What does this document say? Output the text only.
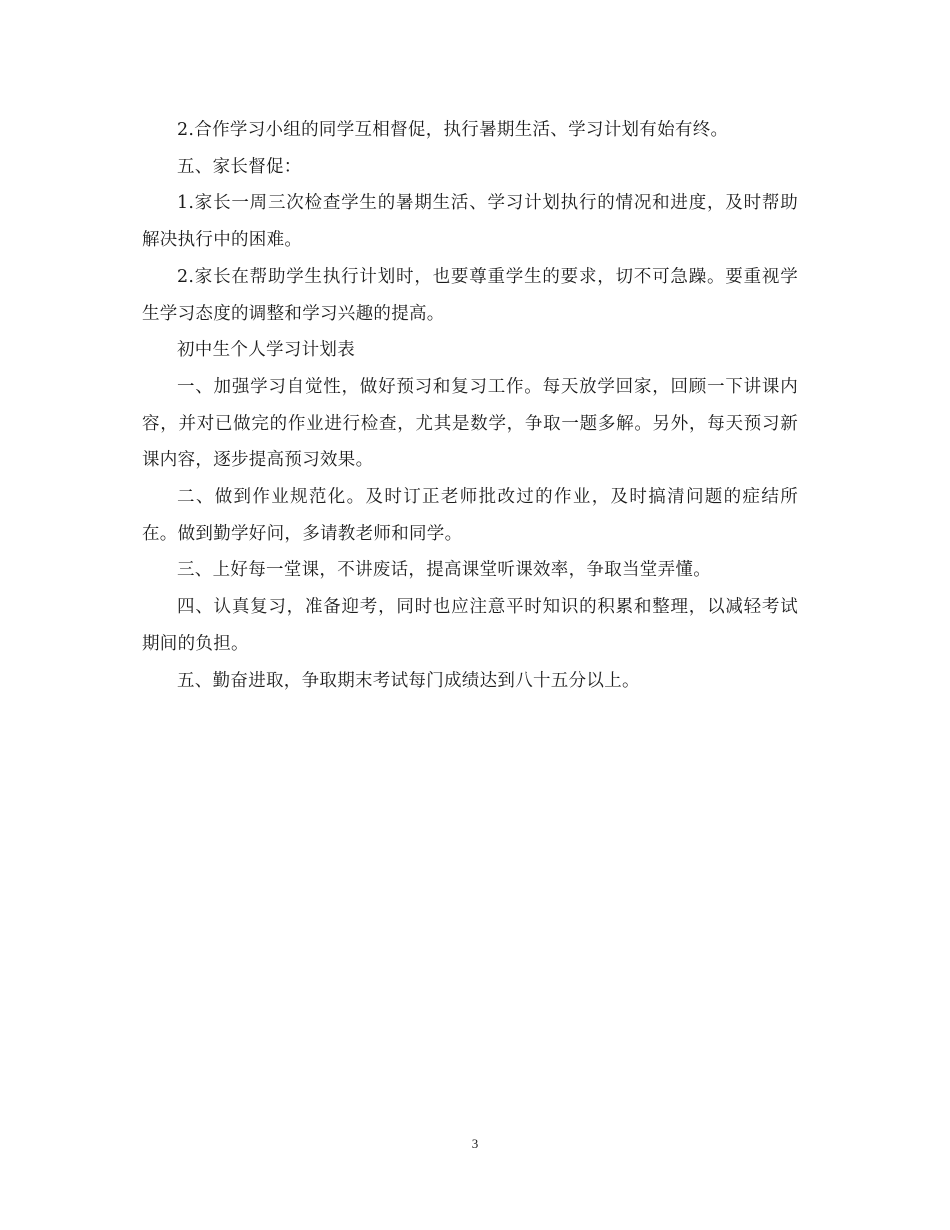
2.合作学习小组的同学互相督促，执行暑期生活、学习计划有始有终。

五、家长督促：

1.家长一周三次检查学生的暑期生活、学习计划执行的情况和进度，及时帮助解决执行中的困难。

2.家长在帮助学生执行计划时，也要尊重学生的要求，切不可急躁。要重视学生学习态度的调整和学习兴趣的提高。

初中生个人学习计划表

一、加强学习自觉性，做好预习和复习工作。每天放学回家，回顾一下讲课内容，并对已做完的作业进行检查，尤其是数学，争取一题多解。另外，每天预习新课内容，逐步提高预习效果。

二、做到作业规范化。及时订正老师批改过的作业，及时搞清问题的症结所在。做到勤学好问，多请教老师和同学。

三、上好每一堂课，不讲废话，提高课堂听课效率，争取当堂弄懂。

四、认真复习，准备迎考，同时也应注意平时知识的积累和整理，以减轻考试期间的负担。

五、勤奋进取，争取期末考试每门成绩达到八十五分以上。

3
